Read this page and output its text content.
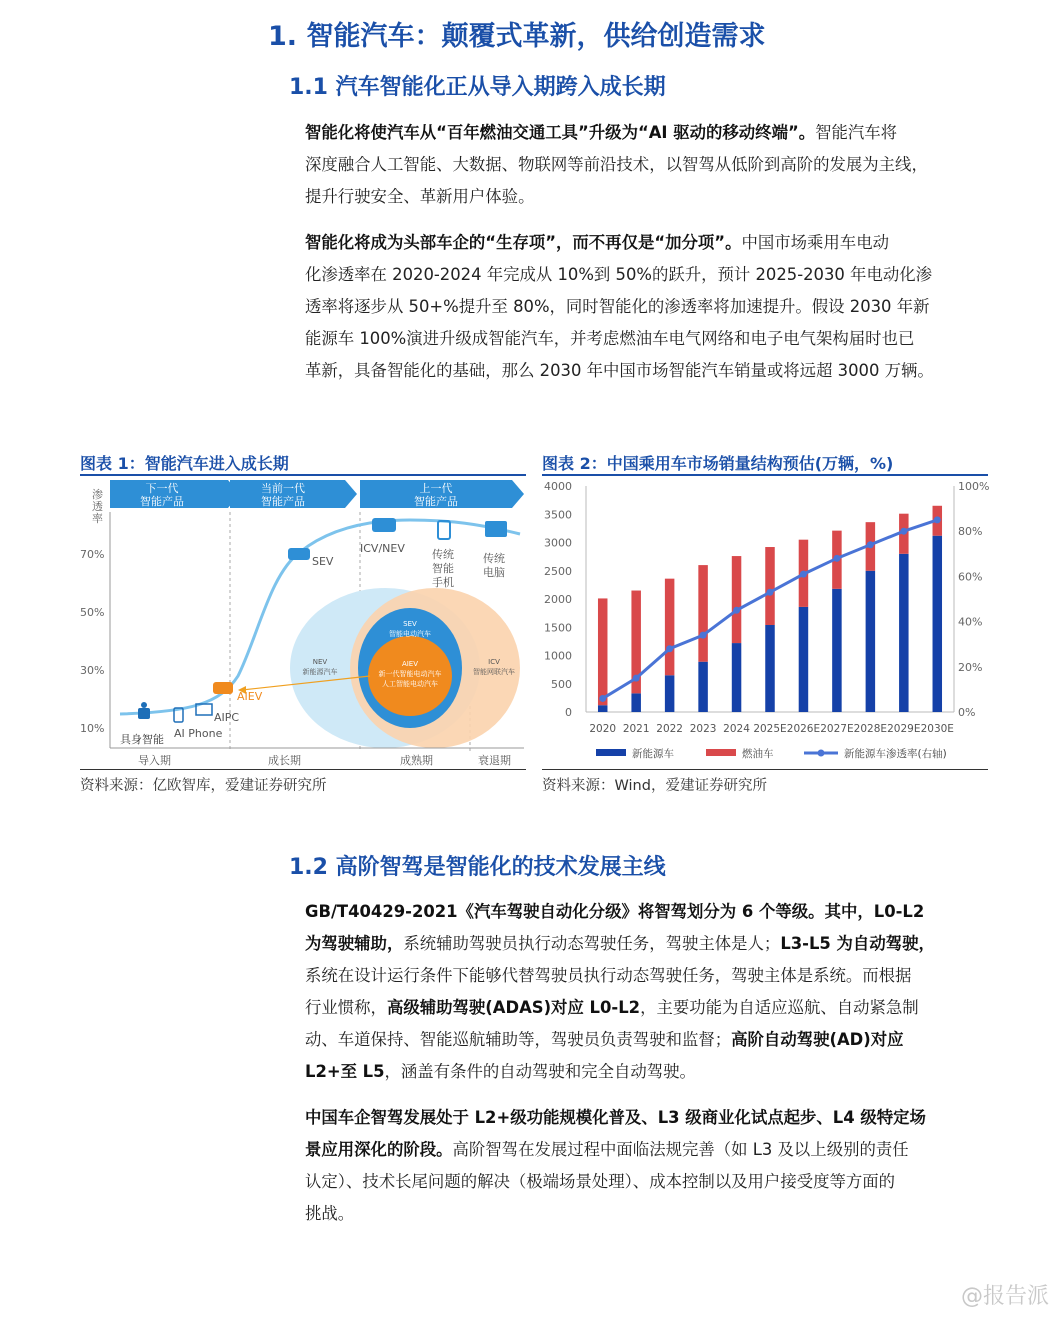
1. 智能汽车：颠覆式革新，供给创造需求
1.1 汽车智能化正从导入期跨入成长期
智能化将使汽车从“百年燃油交通工具”升级为“AI 驱动的移动终端”。智能汽车将
深度融合人工智能、大数据、物联网等前沿技术，以智驾从低阶到高阶的发展为主线，
提升行驶安全、革新用户体验。
智能化将成为头部车企的“生存项”，而不再仅是“加分项”。中国市场乘用车电动
化渗透率在 2020-2024 年完成从 10%到 50%的跃升，预计 2025-2030 年电动化渗
透率将逐步从 50+%提升至 80%，同时智能化的渗透率将加速提升。假设 2030 年新
能源车 100%演进升级成智能汽车，并考虑燃油车电气网络和电子电气架构届时也已
革新，具备智能化的基础，那么 2030 年中国市场智能汽车销量或将远超 3000 万辆。
图表 1：智能汽车进入成长期
下一代
智能产品
当前一代
智能产品
上一代
智能产品
渗
透
率
70%
50%
30%
10%
SEV
智能电动汽车
NEV
新能源汽车
ICV
智能网联汽车
AIEV
新一代智能电动汽车
人工智能电动汽车
具身智能 AI Phone
AIPC
AIEV
SEV
ICV/NEV 传统
智能
手机
传统
电脑
导入期	成长期	成熟期	衰退期
资料来源：亿欧智库，爱建证券研究所
图表 2：中国乘用车市场销量结构预估(万辆，%)
4000
3500
3000
2500
2000
1500
1000
500
0
100%
80%
60%
40%
20%
0%
2020 2021 2022 2023 2024 2025E 2026E 2027E 2028E 2029E 2030E
新能源车	燃油车	新能源车渗透率(右轴)
资料来源：Wind，爱建证券研究所
1.2 高阶智驾是智能化的技术发展主线
GB/T40429-2021《汽车驾驶自动化分级》将智驾划分为 6 个等级。其中，L0-L2
为驾驶辅助，系统辅助驾驶员执行动态驾驶任务，驾驶主体是人；L3-L5 为自动驾驶，
系统在设计运行条件下能够代替驾驶员执行动态驾驶任务，驾驶主体是系统。而根据
行业惯称，高级辅助驾驶(ADAS)对应 L0-L2，主要功能为自适应巡航、自动紧急制
动、车道保持、智能巡航辅助等，驾驶员负责驾驶和监督；高阶自动驾驶(AD)对应
L2+至 L5，涵盖有条件的自动驾驶和完全自动驾驶。
中国车企智驾发展处于 L2+级功能规模化普及、L3 级商业化试点起步、L4 级特定场
景应用深化的阶段。高阶智驾在发展过程中面临法规完善（如 L3 及以上级别的责任
认定）、技术长尾问题的解决（极端场景处理）、成本控制以及用户接受度等方面的
挑战。
@报告派
